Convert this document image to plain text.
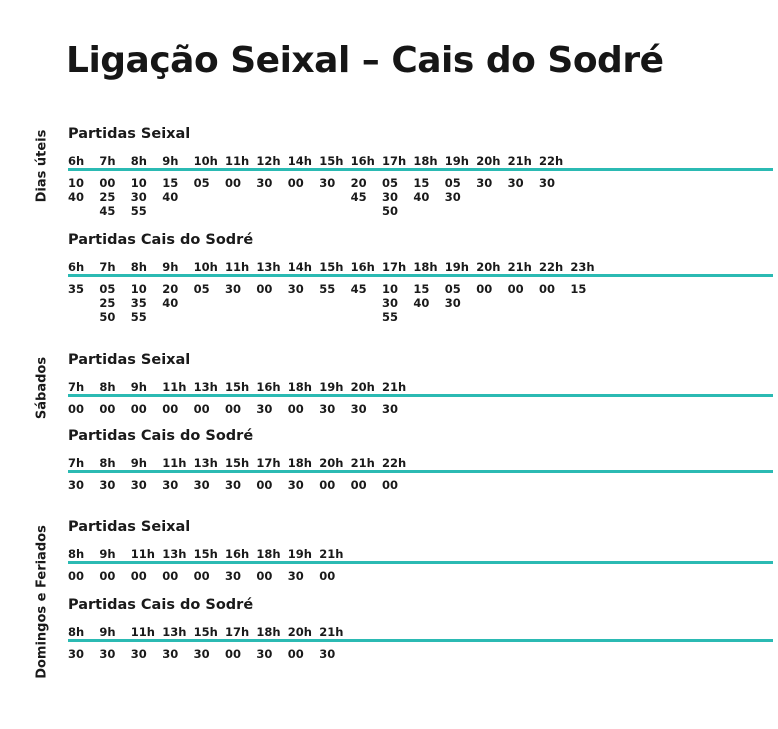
Ligação Seixal – Cais do Sodré
Dias úteis Partidas Seixal
6h
10
40
7h
00
25
45
8h
10
30
55
9h
15
40
10h
05
11h
00
12h
30
14h
00
15h
30
16h
20
45
17h
05
30
50
18h
15
40
19h
05
30
20h
30
21h
30
22h
30
Partidas Cais do Sodré
6h
35
7h
05
25
50
8h
10
35
55
9h
20
40
10h
05
11h
30
13h
00
14h
30
15h
55
16h
45
17h
10
30
55
18h
15
40
19h
05
30
20h
00
21h
00
22h
00
23h
15
Sábados Partidas Seixal
7h
00
8h
00
9h
00
11h
00
13h
00
15h
00
16h
30
18h
00
19h
30
20h
30
21h
30
Partidas Cais do Sodré
7h
30
8h
30
9h
30
11h
30
13h
30
15h
30
17h
00
18h
30
20h
00
21h
00
22h
00
Domingos e Feriados Partidas Seixal
8h
00
9h
00
11h
00
13h
00
15h
00
16h
30
18h
00
19h
30
21h
00
Partidas Cais do Sodré
8h
30
9h
30
11h
30
13h
30
15h
30
17h
00
18h
30
20h
00
21h
30
